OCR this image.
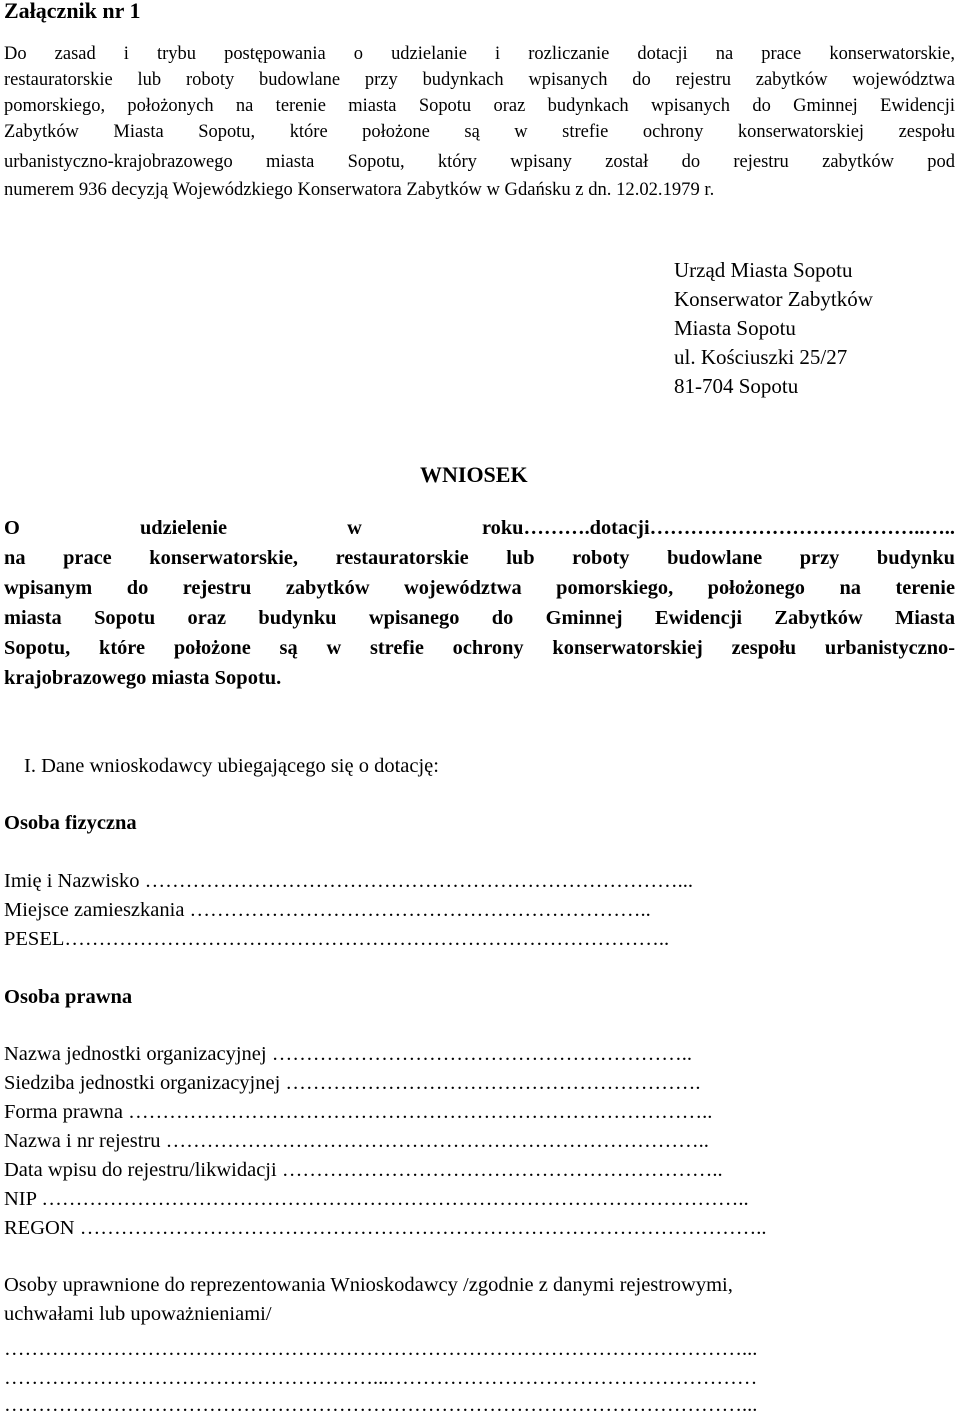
Załącznik nr 1
Do zasad i trybu postępowania o udzielanie i rozliczanie dotacji na prace konserwatorskie,
restauratorskie lub roboty budowlane przy budynkach wpisanych do rejestru zabytków województwa
pomorskiego, położonych na terenie miasta Sopotu oraz budynkach wpisanych do Gminnej Ewidencji
Zabytków Miasta Sopotu, które położone są w strefie ochrony konserwatorskiej zespołu
urbanistyczno-krajobrazowego miasta Sopotu, który wpisany został do rejestru zabytków pod
numerem 936 decyzją Wojewódzkiego Konserwatora Zabytków w Gdańsku z dn. 12.02.1979 r.
Urząd Miasta Sopotu
Konserwator Zabytków
Miasta Sopotu
ul. Kościuszki 25/27
81-704 Sopotu
WNIOSEK
O udzielenie w roku……….dotacji…………………………………..…..
na prace konserwatorskie, restauratorskie lub roboty budowlane przy budynku
wpisanym do rejestru zabytków województwa pomorskiego, położonego na terenie
miasta Sopotu oraz budynku wpisanego do Gminnej Ewidencji Zabytków Miasta
Sopotu, które położone są w strefie ochrony konserwatorskiej zespołu urbanistyczno-
krajobrazowego miasta Sopotu.
I. Dane wnioskodawcy ubiegającego się o dotację:
Osoba fizyczna
Imię i Nazwisko ……………………………………………………………………...
Miejsce zamieszkania …………………………………………………………..
PESEL……………………………………………………………………………..
Osoba prawna
Nazwa jednostki organizacyjnej ……………………………………………………..
Siedziba jednostki organizacyjnej …………………………………………………….
Forma prawna …………………………………………………………………………..
Nazwa i nr rejestru ……………………………………………………………………..
Data wpisu do rejestru/likwidacji ………………………………………………………..
NIP …………………………………………………………………………………………..
REGON ………………………………………………………………………………………..
Osoby uprawnione do reprezentowania Wnioskodawcy /zgodnie z danymi rejestrowymi,
uchwałami lub upoważnieniami/
………………………………………………………………………………………………...
………………………………………………...………………………………………………
………………………………………………………………………………………………...
